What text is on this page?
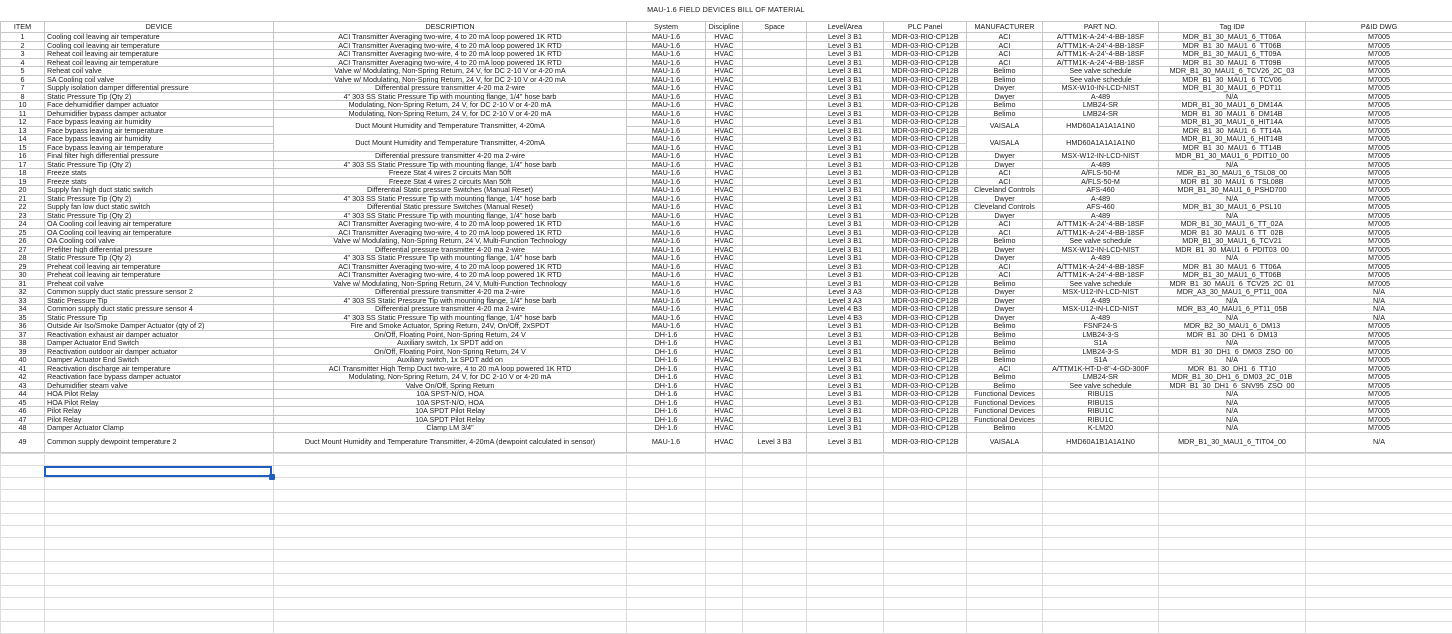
MAU-1.6 FIELD DEVICES BILL OF MATERIAL
ITEM	DEVICE	DESCRIPTION	System	Discipline	Space	Level/Area	PLC Panel	MANUFACTURER	PART NO.	Tag ID#	P&ID DWG
1	Cooling coil leaving air temperature	ACI Transmitter Averaging two-wire, 4 to 20 mA loop powered 1K RTD	MAU-1.6	HVAC		Level 3 B1	MDR-03-RIO-CP12B	ACI	A/TTM1K-A-24'-4-BB-18SF	MDR_B1_30_MAU1_6_TT06A	M7005
2	Cooling coil leaving air temperature	ACI Transmitter Averaging two-wire, 4 to 20 mA loop powered 1K RTD	MAU-1.6	HVAC		Level 3 B1	MDR-03-RIO-CP12B	ACI	A/TTM1K-A-24'-4-BB-18SF	MDR_B1_30_MAU1_6_TT06B	M7005
3	Reheat coil leaving air temperature	ACI Transmitter Averaging two-wire, 4 to 20 mA loop powered 1K RTD	MAU-1.6	HVAC		Level 3 B1	MDR-03-RIO-CP12B	ACI	A/TTM1K-A-24'-4-BB-18SF	MDR_B1_30_MAU1_6_TT09A	M7005
4	Reheat coil leaving air temperature	ACI Transmitter Averaging two-wire, 4 to 20 mA loop powered 1K RTD	MAU-1.6	HVAC		Level 3 B1	MDR-03-RIO-CP12B	ACI	A/TTM1K-A-24'-4-BB-18SF	MDR_B1_30_MAU1_6_TT09B	M7005
5	Reheat coil valve	Valve w/ Modulating, Non-Spring Return, 24 V, for DC 2-10 V or 4-20 mA	MAU-1.6	HVAC		Level 3 B1	MDR-03-RIO-CP12B	Belimo	See valve schedule	MDR_B1_30_MAU1_6_TCV26_2C_03	M7005
6	SA Cooling coil valve	Valve w/ Modulating, Non-Spring Return, 24 V, for DC 2-10 V or 4-20 mA	MAU-1.6	HVAC		Level 3 B1	MDR-03-RIO-CP12B	Belimo	See valve schedule	MDR_B1_30_MAU1_6_TCV06	M7005
7	Supply isolation damper differential pressure	Differential pressure transmitter 4-20 ma 2-wire	MAU-1.6	HVAC		Level 3 B1	MDR-03-RIO-CP12B	Dwyer	MSX-W10-IN-LCD-NIST	MDR_B1_30_MAU1_6_PDT11	M7005
8	Static Pressure Tip (Qty 2)	4" 303 SS Static Pressure Tip with mounting flange, 1/4" hose barb	MAU-1.6	HVAC		Level 3 B1	MDR-03-RIO-CP12B	Dwyer	A-489	N/A	M7005
10	Face dehumidifier damper actuator	Modulating, Non-Spring Return, 24 V, for DC 2-10 V or 4-20 mA	MAU-1.6	HVAC		Level 3 B1	MDR-03-RIO-CP12B	Belimo	LMB24-SR	MDR_B1_30_MAU1_6_DM14A	M7005
11	Dehumidifier bypass damper actuator	Modulating, Non-Spring Return, 24 V, for DC 2-10 V or 4-20 mA	MAU-1.6	HVAC		Level 3 B1	MDR-03-RIO-CP12B	Belimo	LMB24-SR	MDR_B1_30_MAU1_6_DM14B	M7005
12	Face bypass leaving air humidity	Duct Mount Humidity and Temperature Transmitter, 4-20mA	MAU-1.6	HVAC		Level 3 B1	MDR-03-RIO-CP12B	VAISALA	HMD60A1A1A1A1N0	MDR_B1_30_MAU1_6_HIT14A	M7005
13	Face bypass leaving air temperature		MAU-1.6	HVAC		Level 3 B1	MDR-03-RIO-CP12B			MDR_B1_30_MAU1_6_TT14A	M7005
14	Face bypass leaving air humidity	Duct Mount Humidity and Temperature Transmitter, 4-20mA	MAU-1.6	HVAC		Level 3 B1	MDR-03-RIO-CP12B	VAISALA	HMD60A1A1A1A1N0	MDR_B1_30_MAU1_6_HIT14B	M7005
15	Face bypass leaving air temperature		MAU-1.6	HVAC		Level 3 B1	MDR-03-RIO-CP12B			MDR_B1_30_MAU1_6_TT14B	M7005
16	Final filter high differential pressure	Differential pressure transmitter 4-20 ma 2-wire	MAU-1.6	HVAC		Level 3 B1	MDR-03-RIO-CP12B	Dwyer	MSX-W12-IN-LCD-NIST	MDR_B1_30_MAU1_6_PDIT10_00	M7005
17	Static Pressure Tip (Qty 2)	4" 303 SS Static Pressure Tip with mounting flange, 1/4" hose barb	MAU-1.6	HVAC		Level 3 B1	MDR-03-RIO-CP12B	Dwyer	A-489	N/A	M7005
18	Freeze stats	Freeze Stat 4 wires 2 circuits Man 50ft	MAU-1.6	HVAC		Level 3 B1	MDR-03-RIO-CP12B	ACI	A/FLS-50-M	MDR_B1_30_MAU1_6_TSL08_00	M7005
19	Freeze stats	Freeze Stat 4 wires 2 circuits Man 50ft	MAU-1.6	HVAC		Level 3 B1	MDR-03-RIO-CP12B	ACI	A/FLS-50-M	MDR_B1_30_MAU1_6_TSL08B	M7005
20	Supply fan high duct static switch	Differential Static pressure Switches (Manual Reset)	MAU-1.6	HVAC		Level 3 B1	MDR-03-RIO-CP12B	Cleveland Controls	AFS-460	MDR_B1_30_MAU1_6_PSHD700	M7005
21	Static Pressure Tip (Qty 2)	4" 303 SS Static Pressure Tip with mounting flange, 1/4" hose barb	MAU-1.6	HVAC		Level 3 B1	MDR-03-RIO-CP12B	Dwyer	A-489	N/A	M7005
22	Supply fan low duct static switch	Differential Static pressure Switches (Manual Reset)	MAU-1.6	HVAC		Level 3 B1	MDR-03-RIO-CP12B	Cleveland Controls	AFS-460	MDR_B1_30_MAU1_6_PSL10	M7005
23	Static Pressure Tip (Qty 2)	4" 303 SS Static Pressure Tip with mounting flange, 1/4" hose barb	MAU-1.6	HVAC		Level 3 B1	MDR-03-RIO-CP12B	Dwyer	A-489	N/A	M7005
24	OA Cooling coil leaving air temperature	ACI Transmitter Averaging two-wire, 4 to 20 mA loop powered 1K RTD	MAU-1.6	HVAC		Level 3 B1	MDR-03-RIO-CP12B	ACI	A/TTM1K-A-24'-4-BB-18SF	MDR_B1_30_MAU1_6_TT_02A	M7005
25	OA Cooling coil leaving air temperature	ACI Transmitter Averaging two-wire, 4 to 20 mA loop powered 1K RTD	MAU-1.6	HVAC		Level 3 B1	MDR-03-RIO-CP12B	ACI	A/TTM1K-A-24'-4-BB-18SF	MDR_B1_30_MAU1_6_TT_02B	M7005
26	OA Cooling coil valve	Valve w/ Modulating, Non-Spring Return, 24 V, Multi-Function Technology	MAU-1.6	HVAC		Level 3 B1	MDR-03-RIO-CP12B	Belimo	See valve schedule	MDR_B1_30_MAU1_6_TCV21	M7005
27	Prefilter high differential pressure	Differential pressure transmitter 4-20 ma 2-wire	MAU-1.6	HVAC		Level 3 B1	MDR-03-RIO-CP12B	Dwyer	MSX-W12-IN-LCD-NIST	MDR_B1_30_MAU1_6_PDIT03_00	M7005
28	Static Pressure Tip (Qty 2)	4" 303 SS Static Pressure Tip with mounting flange, 1/4" hose barb	MAU-1.6	HVAC		Level 3 B1	MDR-03-RIO-CP12B	Dwyer	A-489	N/A	M7005
29	Preheat coil leaving air temperature	ACI Transmitter Averaging two-wire, 4 to 20 mA loop powered 1K RTD	MAU-1.6	HVAC		Level 3 B1	MDR-03-RIO-CP12B	ACI	A/TTM1K-A-24'-4-BB-18SF	MDR_B1_30_MAU1_6_TT06A	M7005
30	Preheat coil leaving air temperature	ACI Transmitter Averaging two-wire, 4 to 20 mA loop powered 1K RTD	MAU-1.6	HVAC		Level 3 B1	MDR-03-RIO-CP12B	ACI	A/TTM1K-A-24'-4-BB-18SF	MDR_B1_30_MAU1_6_TT06B	M7005
31	Preheat coil valve	Valve w/ Modulating, Non-Spring Return, 24 V, Multi-Function Technology	MAU-1.6	HVAC		Level 3 B1	MDR-03-RIO-CP12B	Belimo	See valve schedule	MDR_B1_30_MAU1_6_TCV25_2C_01	M7005
32	Common supply duct static pressure sensor 2	Differential pressure transmitter 4-20 ma 2-wire	MAU-1.6	HVAC		Level 3 A3	MDR-03-RIO-CP12B	Dwyer	MSX-U12-IN-LCD-NIST	MDR_A3_30_MAU1_6_PT11_00A	N/A
33	Static Pressure Tip	4" 303 SS Static Pressure Tip with mounting flange, 1/4" hose barb	MAU-1.6	HVAC		Level 3 A3	MDR-03-RIO-CP12B	Dwyer	A-489	N/A	N/A
34	Common supply duct static pressure sensor 4	Differential pressure transmitter 4-20 ma 2-wire	MAU-1.6	HVAC		Level 4 B3	MDR-03-RIO-CP12B	Dwyer	MSX-U12-IN-LCD-NIST	MDR_B3_40_MAU1_6_PT11_05B	N/A
35	Static Pressure Tip	4" 303 SS Static Pressure Tip with mounting flange, 1/4" hose barb	MAU-1.6	HVAC		Level 4 B3	MDR-03-RIO-CP12B	Dwyer	A-489	N/A	N/A
36	Outside Air Iso/Smoke Damper Actuator (qty of 2)	Fire and Smoke Actuator, Spring Return, 24V, On/Off, 2xSPDT	MAU-1.6	HVAC		Level 3 B1	MDR-03-RIO-CP12B	Belimo	FSNF24-S	MDR_B2_30_MAU1_6_DM13	M7005
37	Reactivation exhaust air damper actuator	On/Off, Floating Point, Non-Spring Return, 24 V	DH-1.6	HVAC		Level 3 B1	MDR-03-RIO-CP12B	Belimo	LMB24-3-S	MDR_B1_30_DH1_6_DM13	M7005
38	Damper Actuator End Switch	Auxiliary switch, 1x SPDT add on	DH-1.6	HVAC		Level 3 B1	MDR-03-RIO-CP12B	Belimo	S1A	N/A	M7005
39	Reactivation outdoor air damper actuator	On/Off, Floating Point, Non-Spring Return, 24 V	DH-1.6	HVAC		Level 3 B1	MDR-03-RIO-CP12B	Belimo	LMB24-3-S	MDR_B1_30_DH1_6_DM03_ZSO_00	M7005
40	Damper Actuator End Switch	Auxiliary switch, 1x SPDT add on	DH-1.6	HVAC		Level 3 B1	MDR-03-RIO-CP12B	Belimo	S1A	N/A	M7005
41	Reactivation discharge air temperature	ACI Transmitter High Temp Duct two-wire, 4 to 20 mA loop powered 1K RTD	DH-1.6	HVAC		Level 3 B1	MDR-03-RIO-CP12B	ACI	A/TTM1K-HT-D-8"-4-GD-300F	MDR_B1_30_DH1_6_TT10	M7005
42	Reactivation face bypass damper actuator	Modulating, Non-Spring Return, 24 V, for DC 2-10 V or 4-20 mA	DH-1.6	HVAC		Level 3 B1	MDR-03-RIO-CP12B	Belimo	LMB24-SR	MDR_B1_30_DH1_6_DM03_2C_01B	M7005
43	Dehumidifier steam valve	Valve On/Off, Spring Return	DH-1.6	HVAC		Level 3 B1	MDR-03-RIO-CP12B	Belimo	See valve schedule	MDR_B1_30_DH1_6_SNV95_ZSO_00	M7005
44	HOA Pilot Relay	10A SPST-N/O, HOA	DH-1.6	HVAC		Level 3 B1	MDR-03-RIO-CP12B	Functional Devices	RIBU1S	N/A	M7005
45	HOA Pilot Relay	10A SPST-N/O, HOA	DH-1.6	HVAC		Level 3 B1	MDR-03-RIO-CP12B	Functional Devices	RIBU1S	N/A	M7005
46	Pilot Relay	10A SPDT Pilot Relay	DH-1.6	HVAC		Level 3 B1	MDR-03-RIO-CP12B	Functional Devices	RIBU1C	N/A	M7005
47	Pilot Relay	10A SPDT Pilot Relay	DH-1.6	HVAC		Level 3 B1	MDR-03-RIO-CP12B	Functional Devices	RIBU1C	N/A	M7005
48	Damper Actuator Clamp	Clamp LM 3/4"	DH-1.6	HVAC		Level 3 B1	MDR-03-RIO-CP12B	Belimo	K-LM20	N/A	M7005
49	Common supply dewpoint temperature 2	Duct Mount Humidity and Temperature Transmitter, 4-20mA (dewpoint calculated in sensor)	MAU-1.6	HVAC	Level 3 B3	Level 3 B1	MDR-03-RIO-CP12B	VAISALA	HMD60A1B1A1A1N0	MDR_B1_30_MAU1_6_TIT04_00	N/A
